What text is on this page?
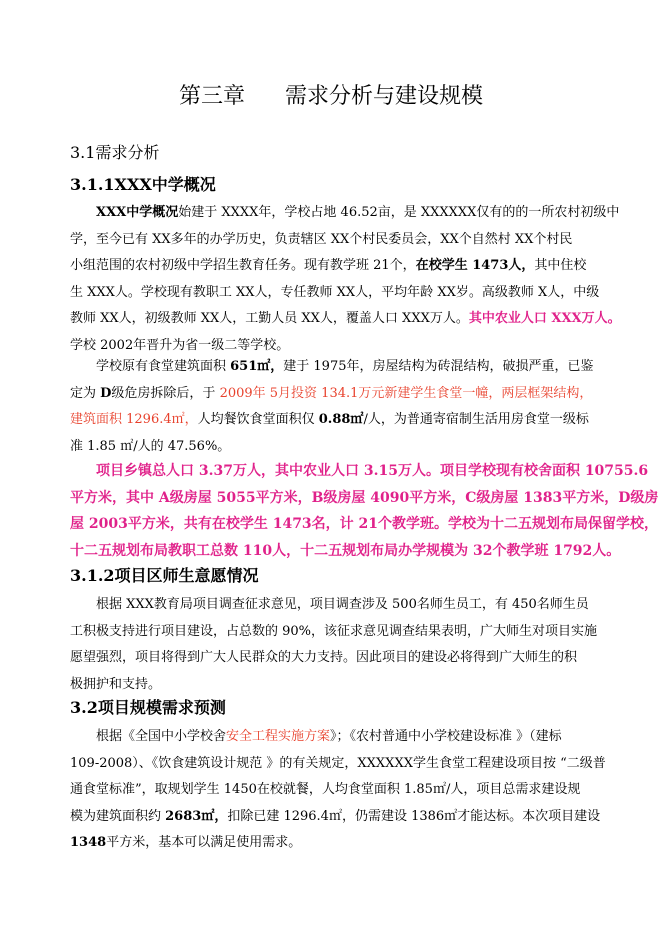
第三章 需求分析与建设规模
3.1需求分析
3.1.1XXX中学概况
XXX中学概况始建于 XXXX年，学校占地 46.52亩，是 XXXXXX仅有的的一所农村初级中
学，至今已有 XX多年的办学历史，负责辖区 XX个村民委员会，XX个自然村 XX个村民
小组范围的农村初级中学招生教育任务。现有教学班 21个，在校学生 1473人，其中住校
生 XXX人。学校现有教职工 XX人，专任教师 XX人，平均年龄 XX岁。高级教师 X人，中级
教师 XX人，初级教师 XX人，工勤人员 XX人，覆盖人口 XXX万人。其中农业人口 XXX万人。
学校 2002年晋升为省一级二等学校。
学校原有食堂建筑面积 651㎡，建于 1975年，房屋结构为砖混结构，破损严重，已鉴
定为 D级危房拆除后，于 2009年 5月投资 134.1万元新建学生食堂一幢，两层框架结构，
建筑面积 1296.4㎡，人均餐饮食堂面积仅 0.88㎡/人，为普通寄宿制生活用房食堂一级标
准 1.85 ㎡/人的 47.56%。
项目乡镇总人口 3.37万人，其中农业人口 3.15万人。项目学校现有校舍面积 10755.6
平方米，其中 A级房屋 5055平方米，B级房屋 4090平方米，C级房屋 1383平方米，D级房
屋 2003平方米，共有在校学生 1473名，计 21个教学班。学校为十二五规划布局保留学校，
十二五规划布局教职工总数 110人，十二五规划布局办学规模为 32个教学班 1792人。
3.1.2项目区师生意愿情况
根据 XXX教育局项目调查征求意见，项目调查涉及 500名师生员工，有 450名师生员
工积极支持进行项目建设，占总数的 90%，该征求意见调查结果表明，广大师生对项目实施
愿望强烈，项目将得到广大人民群众的大力支持。因此项目的建设必将得到广大师生的积
极拥护和支持。
3.2项目规模需求预测
根据《全国中小学校舍安全工程实施方案》；《农村普通中小学校建设标准 》（建标
109-2008）、《饮食建筑设计规范 》的有关规定，XXXXXX学生食堂工程建设项目按 “二级普
通食堂标准”，取规划学生 1450在校就餐，人均食堂面积 1.85㎡/人，项目总需求建设规
模为建筑面积约 2683㎡，扣除已建 1296.4㎡，仍需建设 1386㎡才能达标。本次项目建设
1348平方米，基本可以满足使用需求。
